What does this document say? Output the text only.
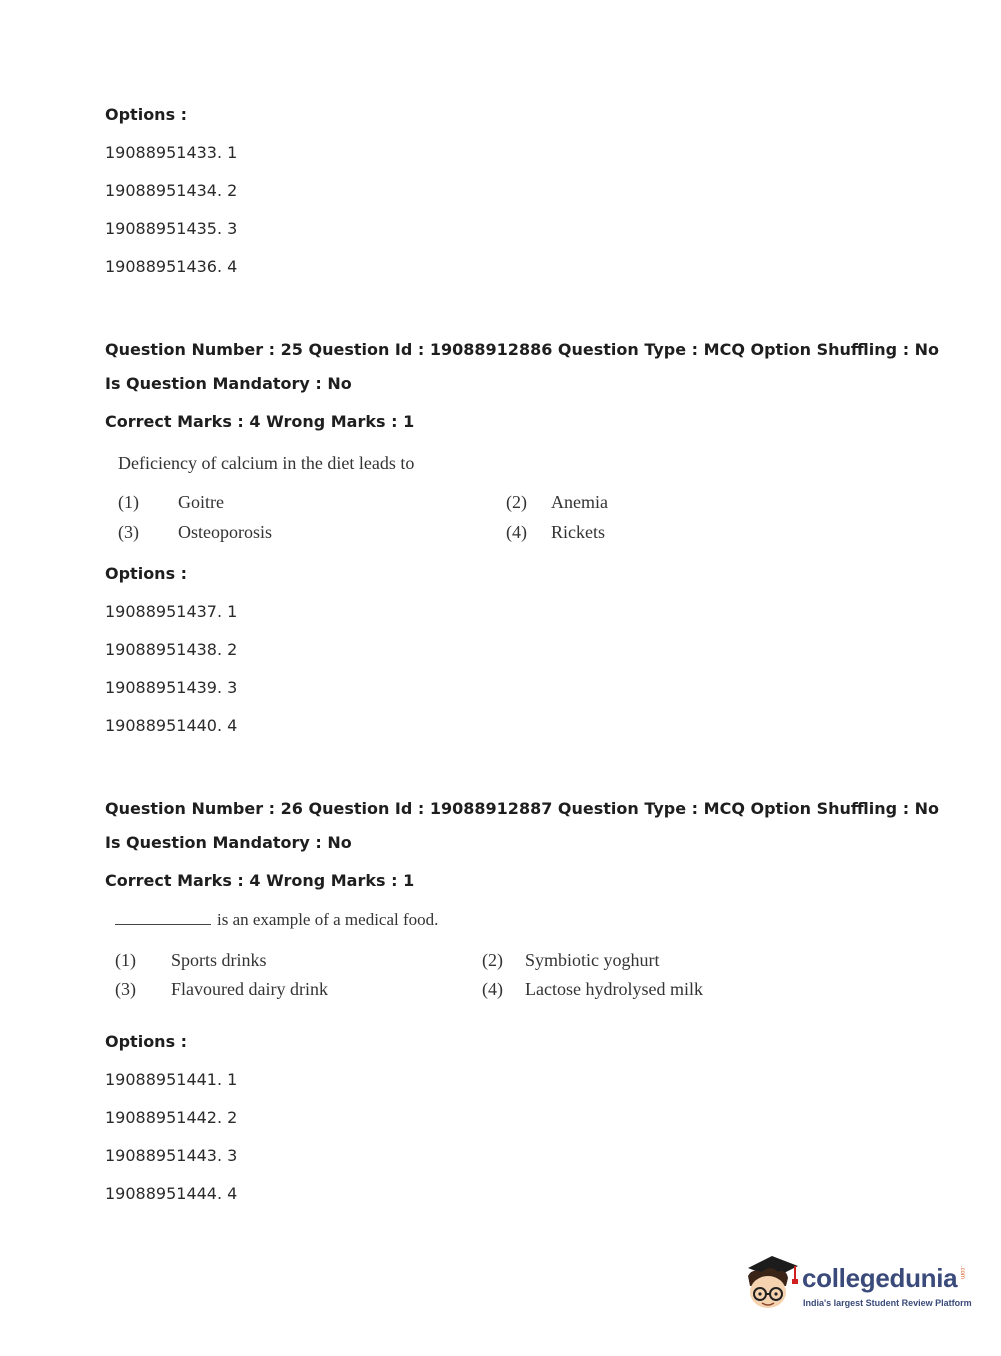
Options :
19088951433. 1
19088951434. 2
19088951435. 3
19088951436. 4
Question Number : 25 Question Id : 19088912886 Question Type : MCQ Option Shuffling : No
Is Question Mandatory : No
Correct Marks : 4 Wrong Marks : 1
Deficiency of calcium in the diet leads to
(1) Goitre	(2) Anemia
(3) Osteoporosis	(4) Rickets
Options :
19088951437. 1
19088951438. 2
19088951439. 3
19088951440. 4
Question Number : 26 Question Id : 19088912887 Question Type : MCQ Option Shuffling : No
Is Question Mandatory : No
Correct Marks : 4 Wrong Marks : 1
is an example of a medical food.
(1) Sports drinks	(2) Symbiotic yoghurt
(3) Flavoured dairy drink	(4) Lactose hydrolysed milk
Options :
19088951441. 1
19088951442. 2
19088951443. 3
19088951444. 4
collegedunia .com
India's largest Student Review Platform
